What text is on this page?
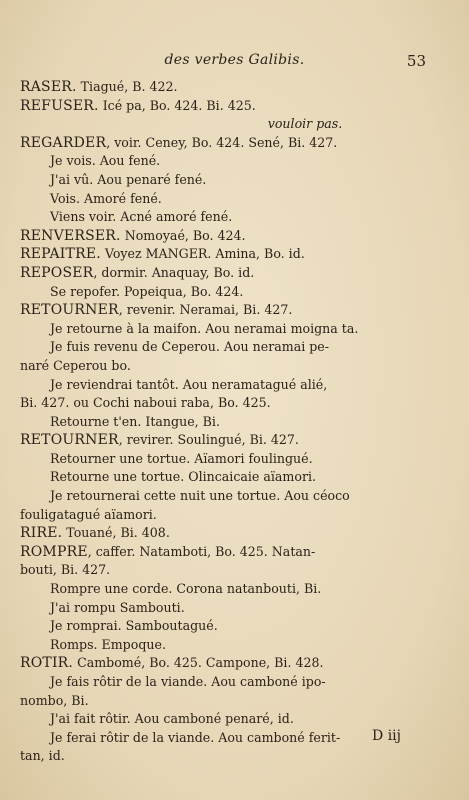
des verbes Galibis.	53
RASER. Tiagué, B. 422.
REFUSER. Icé pa, Bo. 424. Bi. 425.
vouloir pas.
REGARDER, voir. Ceney, Bo. 424. Sené, Bi. 427.
Je vois. Aou fené.
J'ai vû. Aou penaré fené.
Vois. Amoré fené.
Viens voir. Acné amoré fené.
RENVERSER. Nomoyaé, Bo. 424.
REPAITRE. Voyez MANGER. Amina, Bo. id.
REPOSER, dormir. Anaquay, Bo. id.
Se repofer. Popeiqua, Bo. 424.
RETOURNER, revenir. Neramai, Bi. 427.
Je retourne à la maifon. Aou neramai moigna ta.
Je fuis revenu de Ceperou. Aou neramai pe-
naré Ceperou bo.
Je reviendrai tantôt. Aou neramatagué alié,
Bi. 427. ou Cochi naboui raba, Bo. 425.
Retourne t'en. Itangue, Bi.
RETOURNER, revirer. Soulingué, Bi. 427.
Retourner une tortue. Aïamori foulingué.
Retourne une tortue. Olincaicaie aïamori.
Je retournerai cette nuit une tortue. Aou céoco
fouligatagué aïamori.
RIRE. Touané, Bi. 408.
ROMPRE, caffer. Natamboti, Bo. 425. Natan-
bouti, Bi. 427.
Rompre une corde. Corona natanbouti, Bi.
J'ai rompu Sambouti.
Je romprai. Samboutagué.
Romps. Empoque.
ROTIR. Cambomé, Bo. 425. Campone, Bi. 428.
Je fais rôtir de la viande. Aou camboné ipo-
nombo, Bi.
J'ai fait rôtir. Aou camboné penaré, id.
Je ferai rôtir de la viande. Aou camboné ferit-
tan, id.
D iij
